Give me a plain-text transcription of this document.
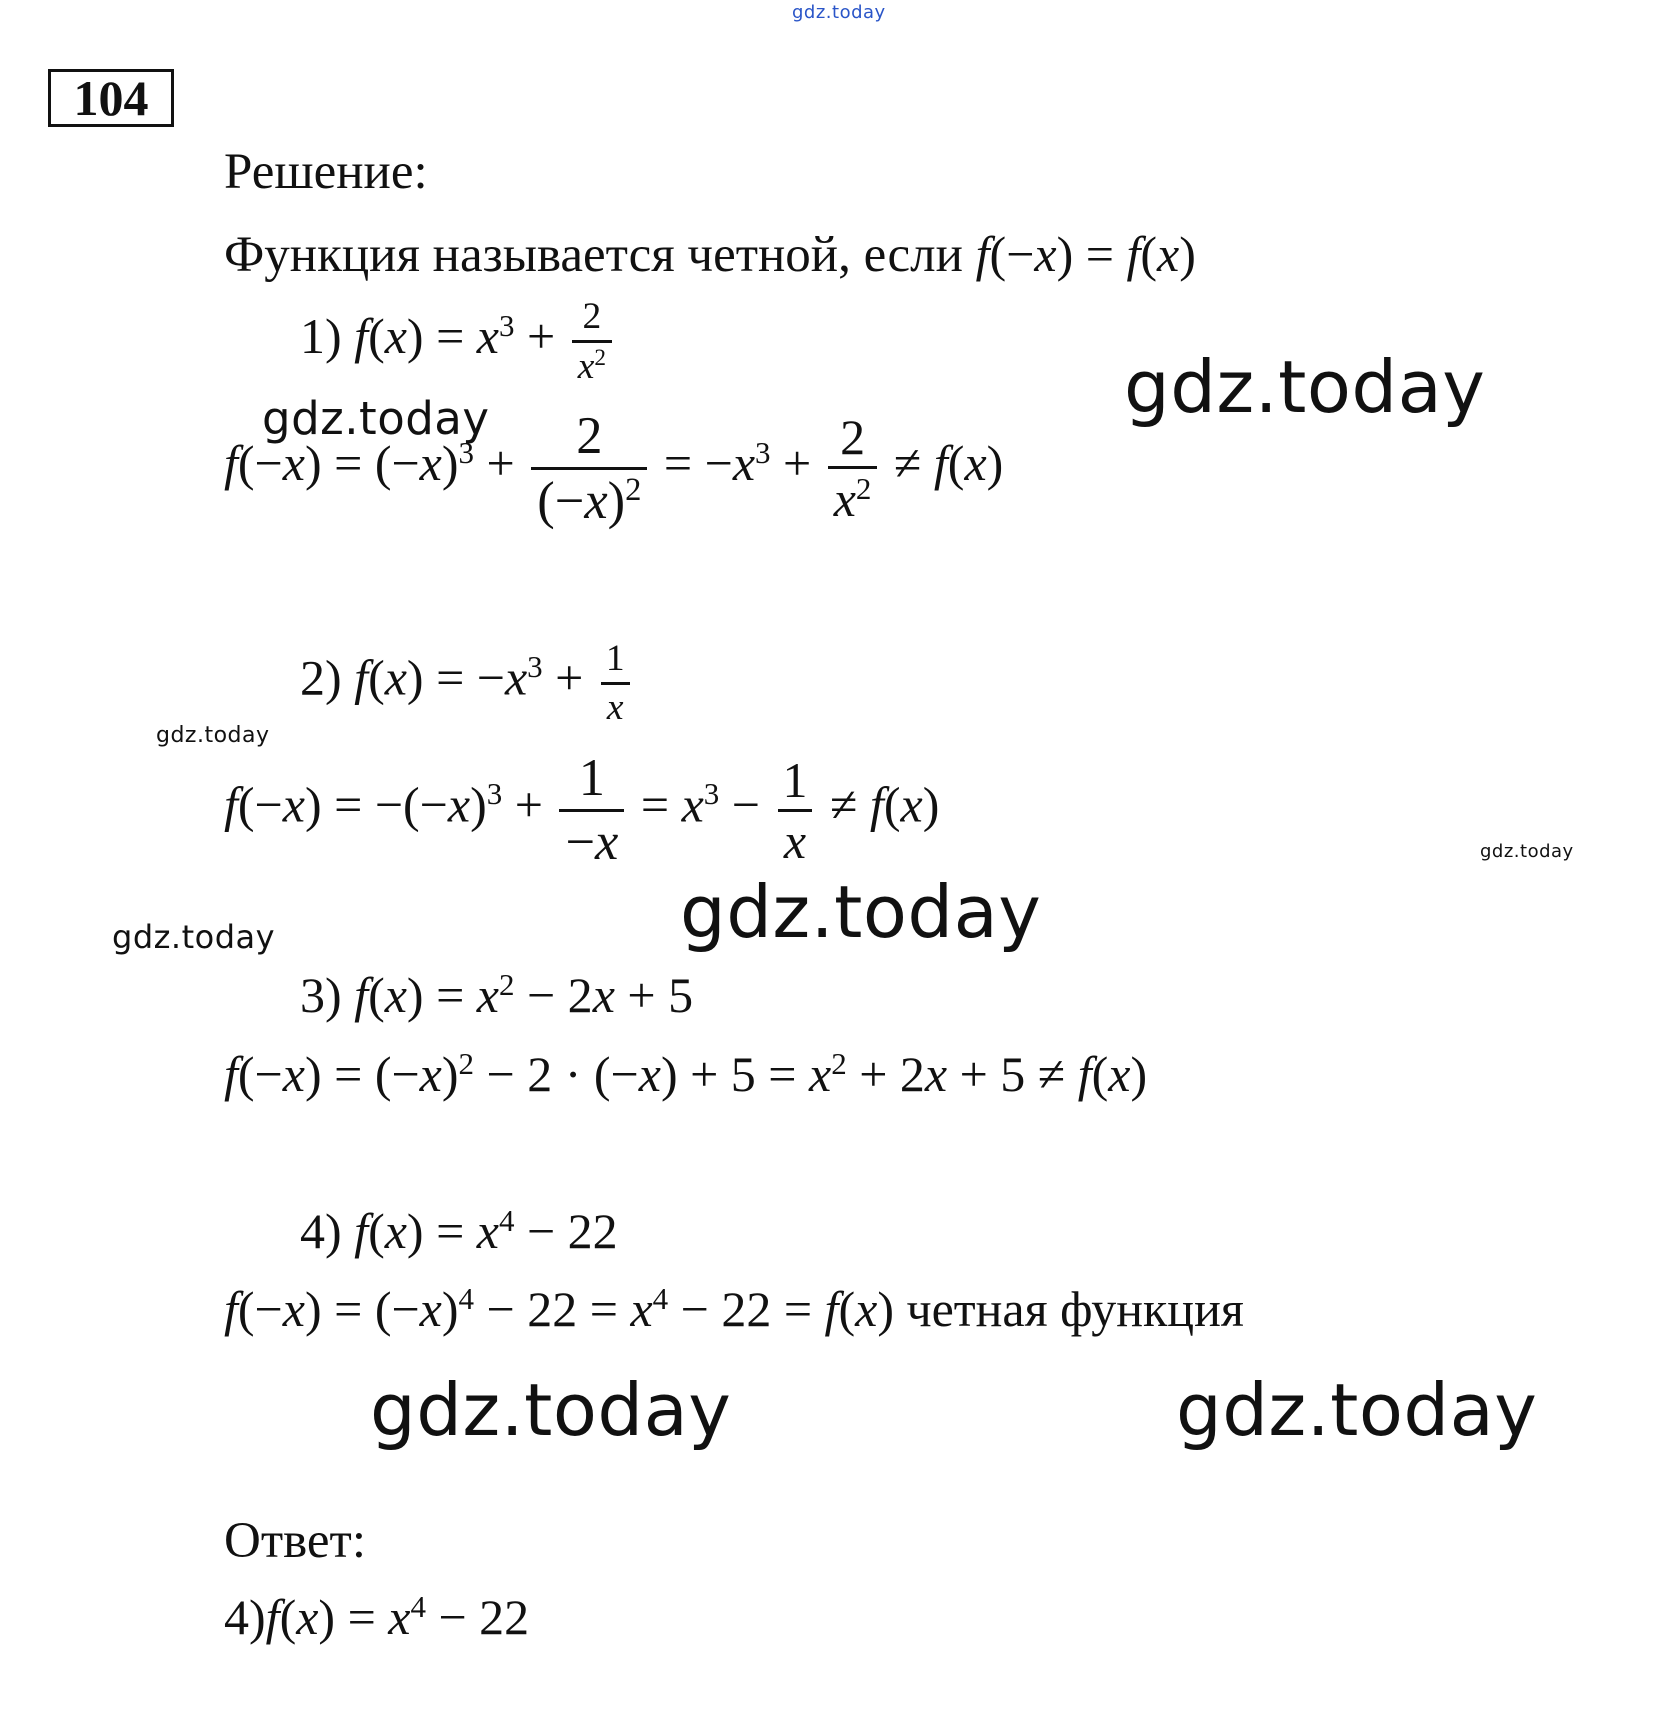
gdz.today
104
Решение:
Функция называется четной, если f(−x) = f(x)
1) $f(x) = x3 + \frac{2}{x2}$
gdz.today	gdz.today
$f(-x) = (-x)3 + \frac{2}{(-x)2} = -x3 + \frac{2}{x2} \ne f(x)$
2) $f(x) = -x3 + \frac{1}{x}$
gdz.today
$f(-x) = -(-x)3 + \frac{1}{-x} = x3 - \frac{1}{x} \ne f(x)$
gdz.today
gdz.today
gdz.today
3) f(x) = x2 − 2x + 5
f(−x) = (−x)2 − 2 · (−x) + 5 = x2 + 2x + 5 ≠ f(x)
4) f(x) = x4 − 22
f(−x) = (−x)4 − 22 = x4 − 22 = f(x) четная функция
gdz.today	gdz.today
Ответ:
4)f(x) = x4 − 22
